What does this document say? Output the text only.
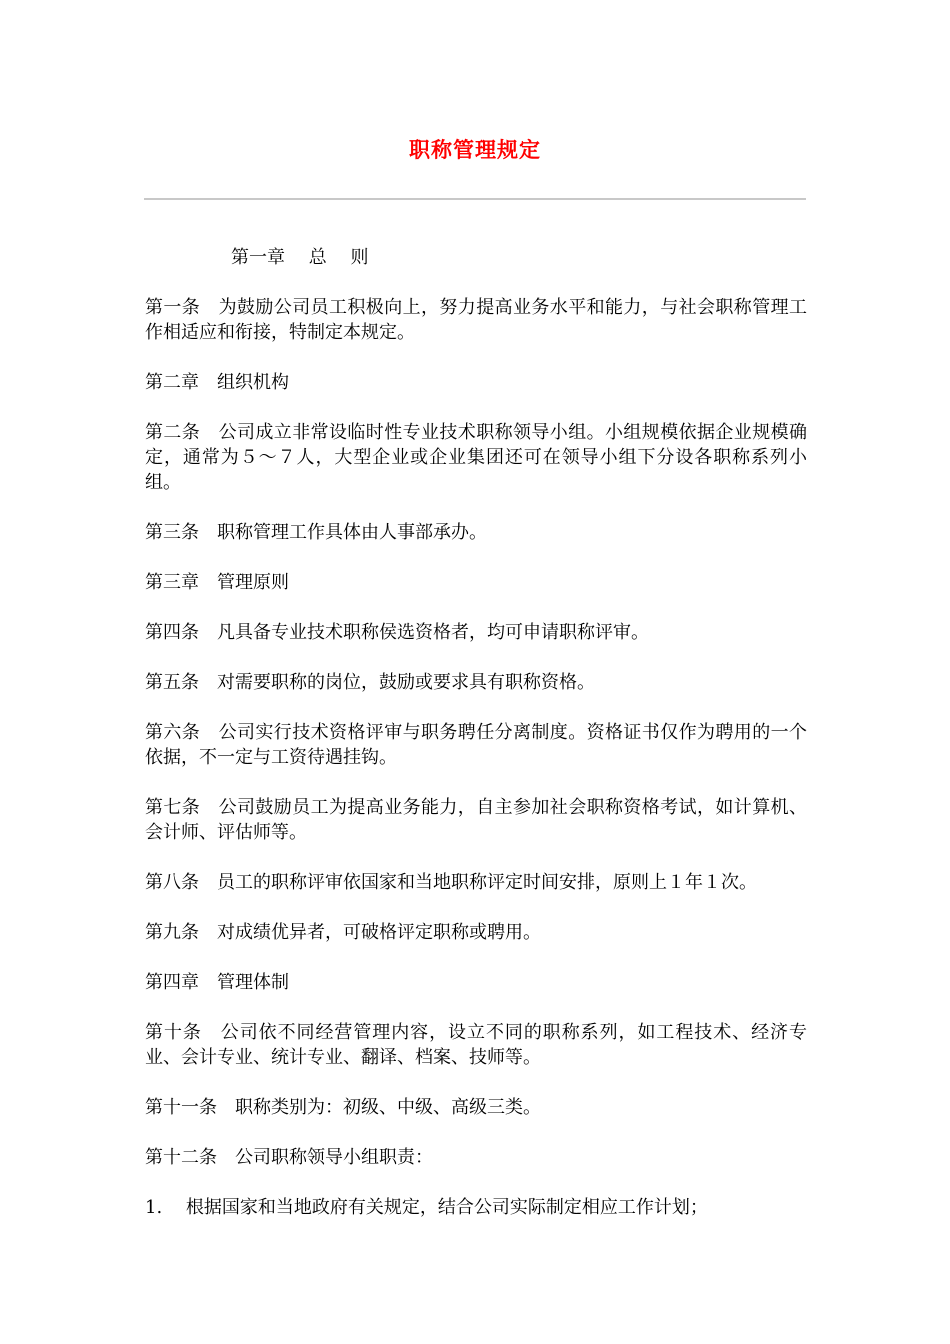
职称管理规定

第一章　 总　 则

第一条　为鼓励公司员工积极向上，努力提高业务水平和能力，与社会职称管理工作相适应和衔接，特制定本规定。

第二章　组织机构

第二条　公司成立非常设临时性专业技术职称领导小组。小组规模依据企业规模确定，通常为５～７人，大型企业或企业集团还可在领导小组下分设各职称系列小组。

第三条　职称管理工作具体由人事部承办。

第三章　管理原则

第四条　凡具备专业技术职称侯选资格者，均可申请职称评审。

第五条　对需要职称的岗位，鼓励或要求具有职称资格。

第六条　公司实行技术资格评审与职务聘任分离制度。资格证书仅作为聘用的一个依据，不一定与工资待遇挂钩。

第七条　公司鼓励员工为提高业务能力，自主参加社会职称资格考试，如计算机、会计师、评估师等。

第八条　员工的职称评审依国家和当地职称评定时间安排，原则上１年１次。

第九条　对成绩优异者，可破格评定职称或聘用。

第四章　管理体制

第十条　公司依不同经营管理内容，设立不同的职称系列，如工程技术、经济专业、会计专业、统计专业、翻译、档案、技师等。

第十一条　职称类别为：初级、中级、高级三类。

第十二条　公司职称领导小组职责：

1.　 根据国家和当地政府有关规定，结合公司实际制定相应工作计划；
